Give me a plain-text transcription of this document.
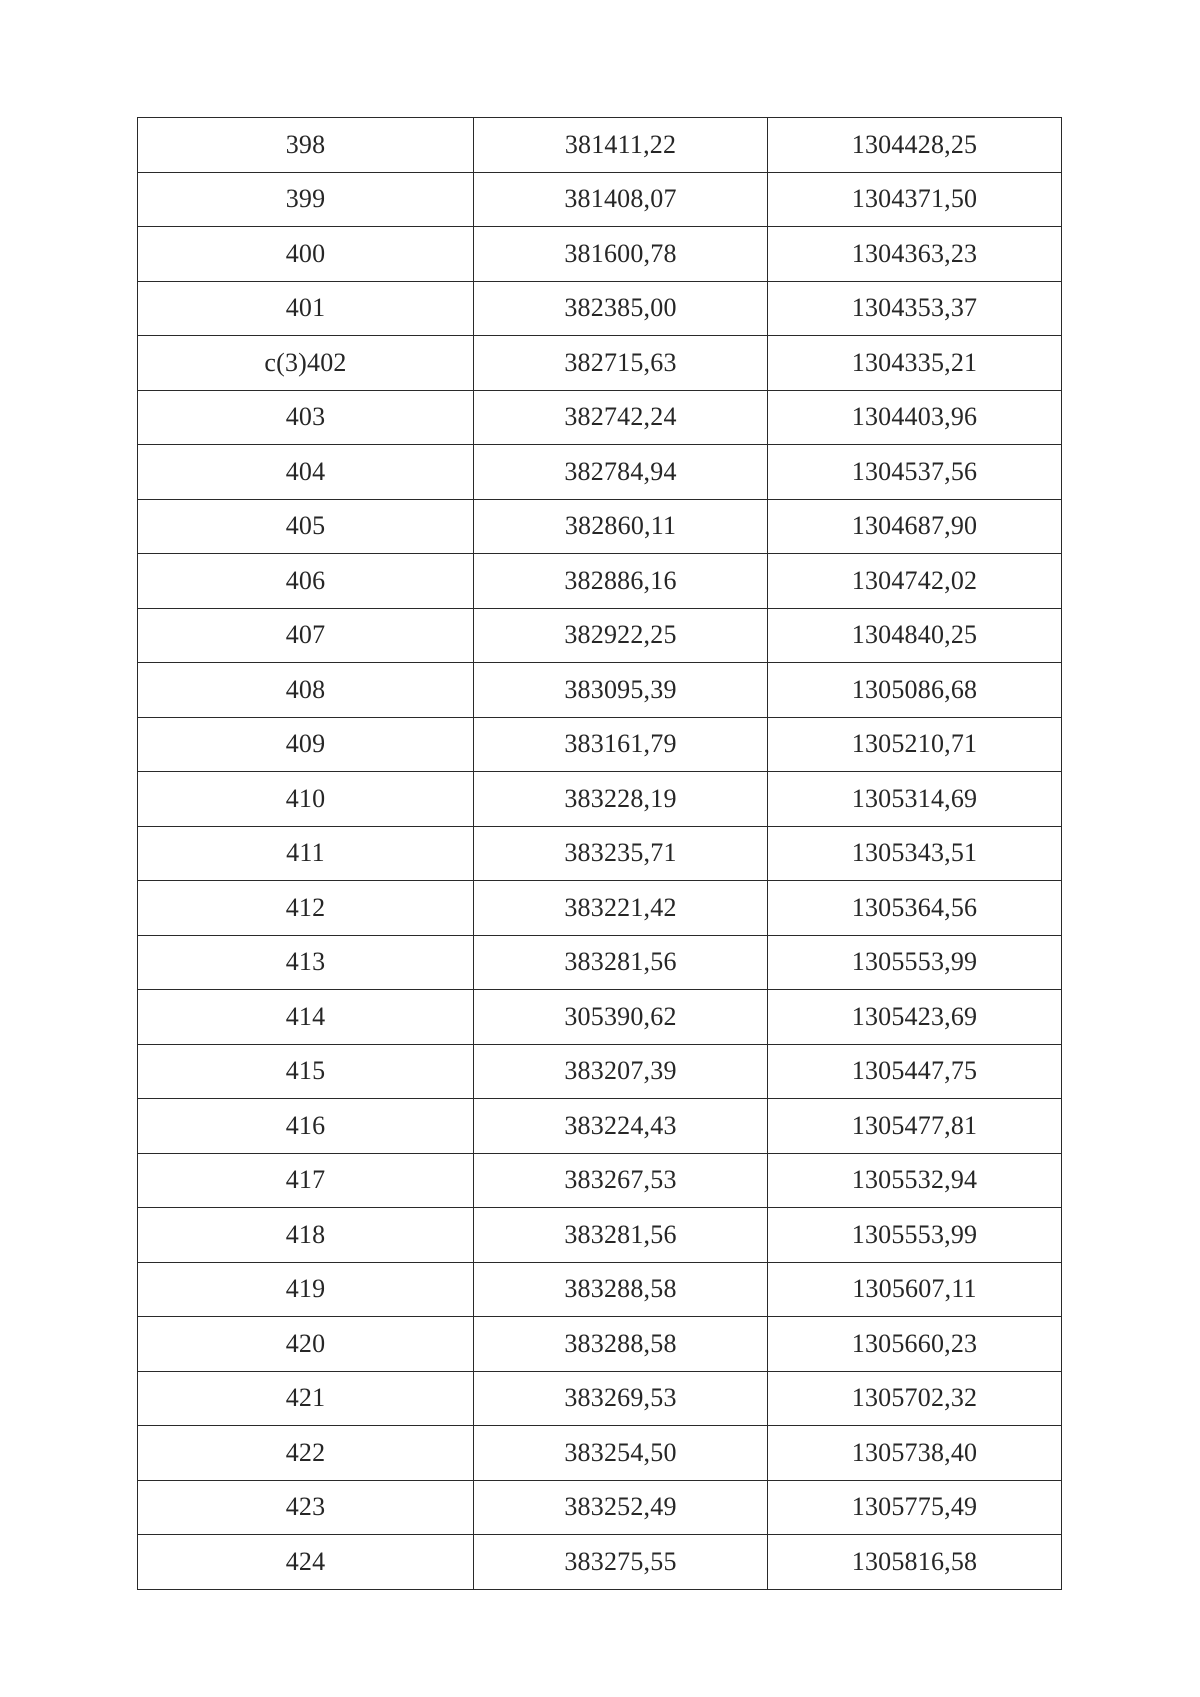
398	381411,22	1304428,25
399	381408,07	1304371,50
400	381600,78	1304363,23
401	382385,00	1304353,37
c(3)402	382715,63	1304335,21
403	382742,24	1304403,96
404	382784,94	1304537,56
405	382860,11	1304687,90
406	382886,16	1304742,02
407	382922,25	1304840,25
408	383095,39	1305086,68
409	383161,79	1305210,71
410	383228,19	1305314,69
411	383235,71	1305343,51
412	383221,42	1305364,56
413	383281,56	1305553,99
414	305390,62	1305423,69
415	383207,39	1305447,75
416	383224,43	1305477,81
417	383267,53	1305532,94
418	383281,56	1305553,99
419	383288,58	1305607,11
420	383288,58	1305660,23
421	383269,53	1305702,32
422	383254,50	1305738,40
423	383252,49	1305775,49
424	383275,55	1305816,58
